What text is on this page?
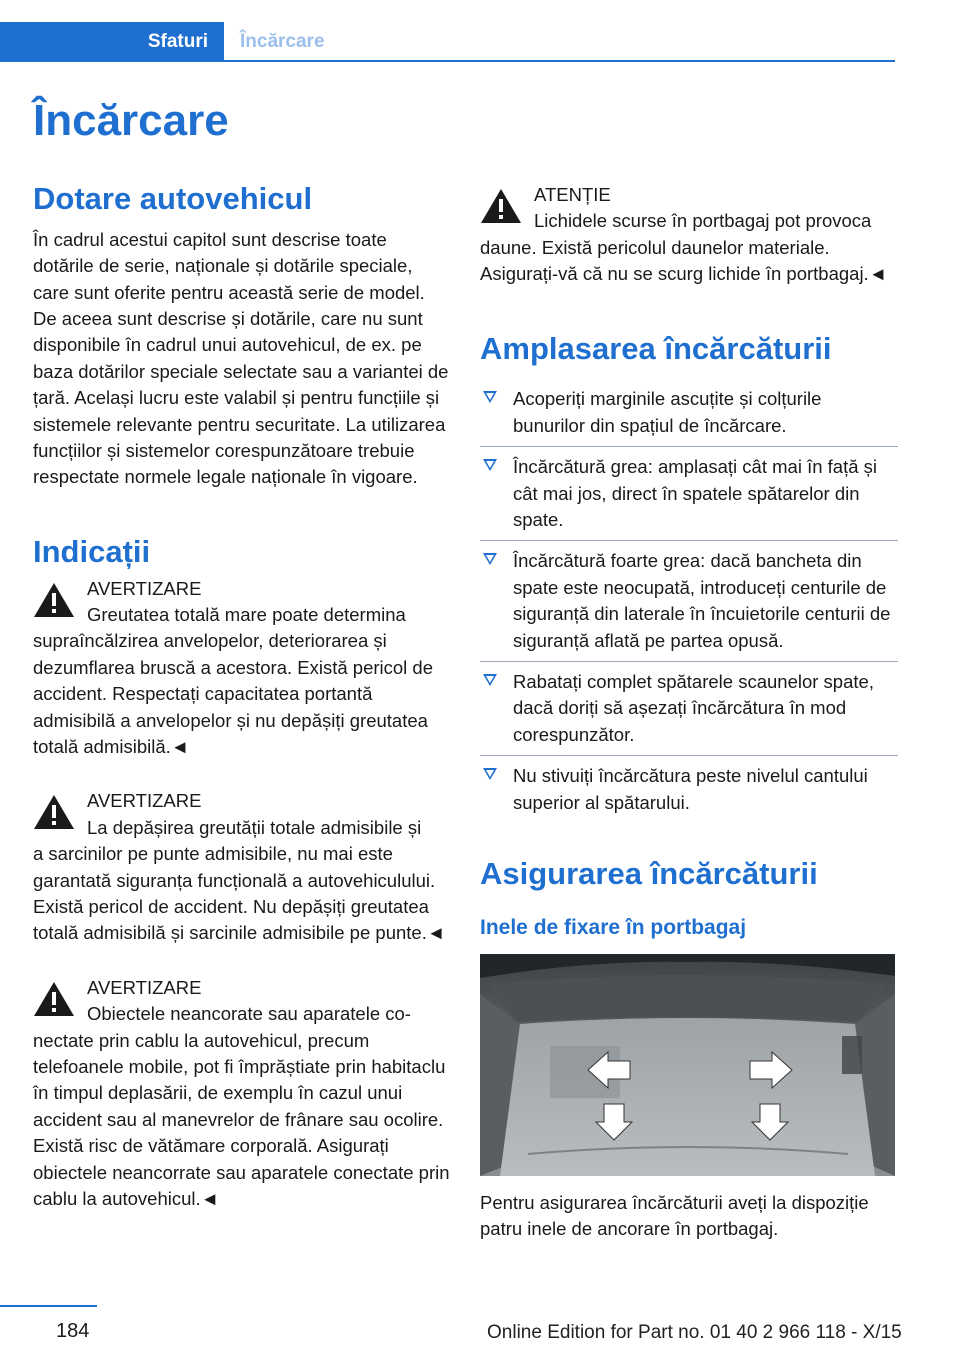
Sfaturi	Încărcare
Încărcare
Dotare autovehicul

În cadrul acestui capitol sunt descrise toate dotările de serie, naționale și dotările speciale, care sunt oferite pentru această serie de model. De aceea sunt descrise și dotările, care nu sunt disponibile în cadrul unui autovehicul, de ex. pe baza dotărilor speciale selectate sau a variantei de țară. Același lucru este valabil și pentru funcțiile și sistemele relevante pentru securitate. La utilizarea funcțiilor și sistemelor corespunzătoare trebuie respectate normele legale naționale în vigoare.

Indicații
AVERTIZARE
Greutatea totală mare poate determina
supraîncălzirea anvelopelor, deteriorarea și dezumflarea bruscă a acestora. Există pericol de accident. Respectați capacitatea portantă admisibilă a anvelopelor și nu depășiți greutatea totală admisibilă.◄
AVERTIZARE
La depășirea greutății totale admisibile și
a sarcinilor pe punte admisibile, nu mai este garantată siguranța funcțională a autovehiculului. Există pericol de accident. Nu depășiți greutatea totală admisibilă și sarcinile admisibile pe punte.◄
AVERTIZARE
Obiectele neancorate sau aparatele co-
nectate prin cablu la autovehicul, precum telefoanele mobile, pot fi împrăștiate prin habitaclu în timpul deplasării, de exemplu în cazul unui accident sau al manevrelor de frânare sau ocolire. Există risc de vătămare corporală. Asigurați obiectele neancorrate sau aparatele conectate prin cablu la autovehicul.◄
ATENȚIE
Lichidele scurse în portbagaj pot provoca
daune. Există pericolul daunelor materiale. Asigurați-vă că nu se scurg lichide în portbagaj.◄
Amplasarea încărcăturii
Acoperiți marginile ascuțite și colțurile bunurilor din spațiul de încărcare.
Încărcătură grea: amplasați cât mai în față și cât mai jos, direct în spatele spătarelor din spate.
Încărcătură foarte grea: dacă bancheta din spate este neocupată, introduceți centurile de siguranță din laterale în încuietorile centurii de siguranță aflată pe partea opusă.
Rabatați complet spătarele scaunelor spate, dacă doriți să așezați încărcătura în mod corespunzător.
Nu stivuiți încărcătura peste nivelul cantului superior al spătarului.
Asigurarea încărcăturii
Inele de fixare în portbagaj

Pentru asigurarea încărcăturii aveți la dispoziție patru inele de ancorare în portbagaj.

184	Online Edition for Part no. 01 40 2 966 118 - X/15
